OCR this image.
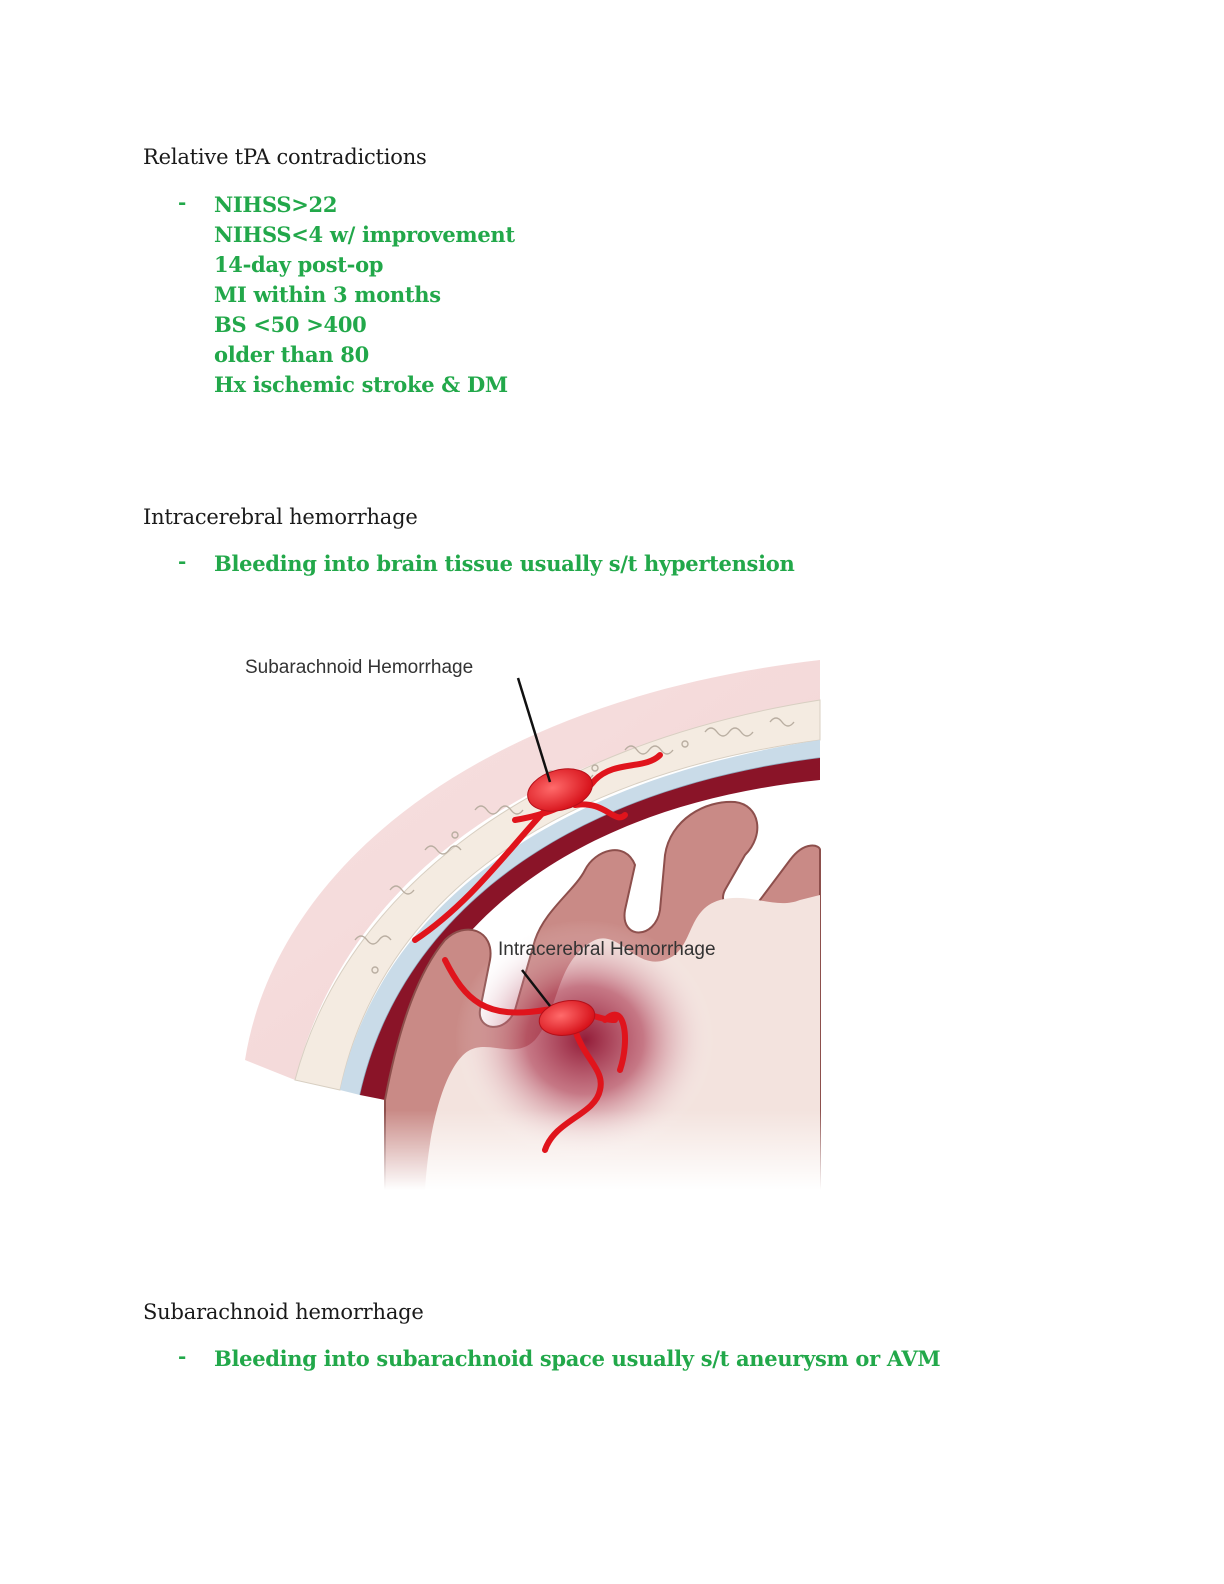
Relative tPA contradictions
- NIHSS>22
NIHSS<4 w/ improvement
14-day post-op
MI within 3 months
BS <50 >400
older than 80
Hx ischemic stroke & DM
Intracerebral hemorrhage
- Bleeding into brain tissue usually s/t hypertension
Subarachnoid Hemorrhage
Intracerebral Hemorrhage
Subarachnoid hemorrhage
- Bleeding into subarachnoid space usually s/t aneurysm or AVM
